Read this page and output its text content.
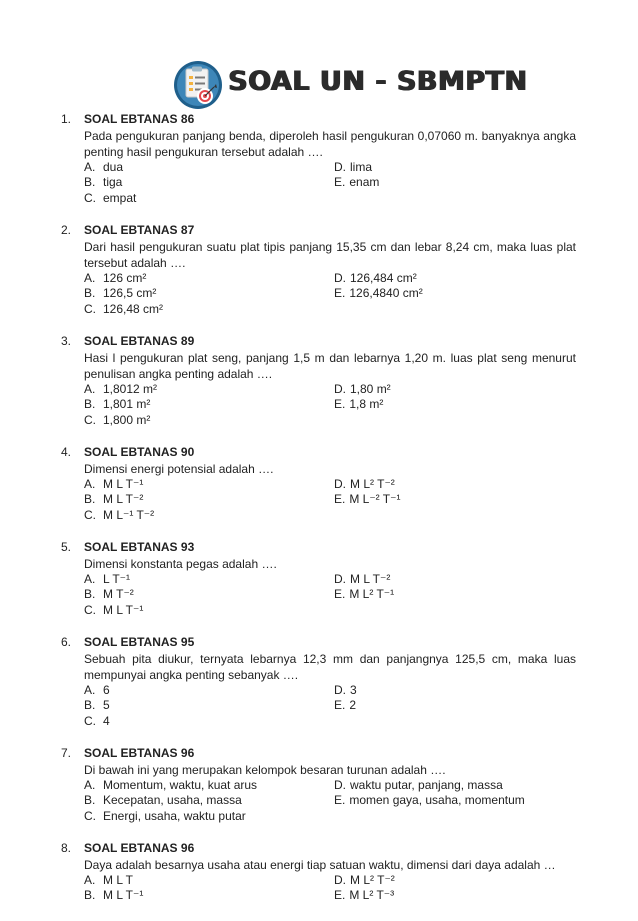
SOAL UN - SBMPTN
1. SOAL EBTANAS 86
Pada pengukuran panjang benda, diperoleh hasil pengukuran 0,07060 m. banyaknya angka penting hasil pengukuran tersebut adalah ….
A. dua	D. lima
B. tiga	E. enam
C. empat
2. SOAL EBTANAS 87
Dari hasil pengukuran suatu plat tipis panjang 15,35 cm dan lebar 8,24 cm, maka luas plat tersebut adalah ….
A. 126 cm²	D. 126,484 cm²
B. 126,5 cm²	E. 126,4840 cm²
C. 126,48 cm²
3. SOAL EBTANAS 89
Hasi l pengukuran plat seng, panjang 1,5 m dan lebarnya 1,20 m. luas plat seng menurut penulisan angka penting adalah ….
A. 1,8012 m²	D. 1,80 m²
B. 1,801 m²	E. 1,8 m²
C. 1,800 m²
4. SOAL EBTANAS 90
Dimensi energi potensial adalah ….
A. M L T⁻¹	D. M L² T⁻²
B. M L T⁻²	E. M L⁻² T⁻¹
C. M L⁻¹ T⁻²
5. SOAL EBTANAS 93
Dimensi konstanta pegas adalah ….
A. L T⁻¹	D. M L T⁻²
B. M T⁻²	E. M L² T⁻¹
C. M L T⁻¹
6. SOAL EBTANAS 95
Sebuah pita diukur, ternyata lebarnya 12,3 mm dan panjangnya 125,5 cm, maka luas mempunyai angka penting sebanyak ….
A. 6	D. 3
B. 5	E. 2
C. 4
7. SOAL EBTANAS 96
Di bawah ini yang merupakan kelompok besaran turunan adalah ….
A. Momentum, waktu, kuat arus	D. waktu putar, panjang, massa
B. Kecepatan, usaha, massa	E. momen gaya, usaha, momentum
C. Energi, usaha, waktu putar
8. SOAL EBTANAS 96
Daya adalah besarnya usaha atau energi tiap satuan waktu, dimensi dari daya adalah …
A. M L T	D. M L² T⁻²
B. M L T⁻¹	E. M L² T⁻³
